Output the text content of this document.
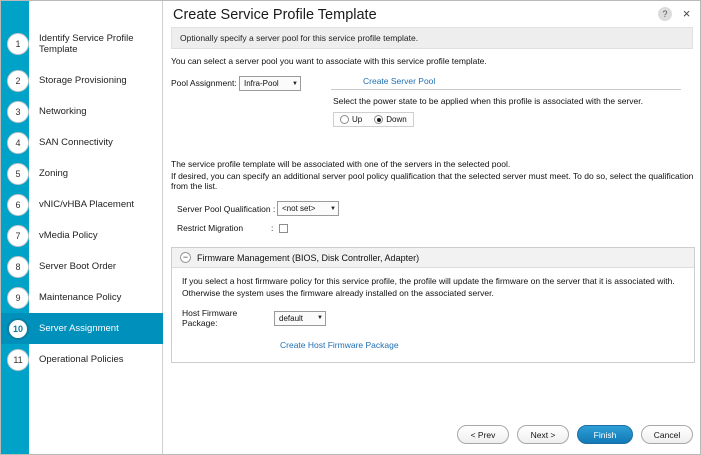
1	Identify Service Profile Template
2	Storage Provisioning
3	Networking
4	SAN Connectivity
5	Zoning
6	vNIC/vHBA Placement
7	vMedia Policy
8	Server Boot Order
9	Maintenance Policy
10	Server Assignment
11	Operational Policies
Create Service Profile Template	?	×
Optionally specify a server pool for this service profile template.
You can select a server pool you want to associate with this service profile template.
Pool Assignment: Infra-Pool ▼	Create Server Pool
Select the power state to be applied when this profile is associated with the server.
Up	Down
The service profile template will be associated with one of the servers in the selected pool.
If desired, you can specify an additional server pool policy qualification that the selected server must meet. To do so, select the qualification from the list.
Server Pool Qualification : <not set> ▼
Restrict Migration	:
− Firmware Management (BIOS, Disk Controller, Adapter)
If you select a host firmware policy for this service profile, the profile will update the firmware on the server that it is associated with.
Otherwise the system uses the firmware already installed on the associated server.
Host Firmware Package:	default ▼
Create Host Firmware Package
< Prev	Next >	Finish	Cancel
